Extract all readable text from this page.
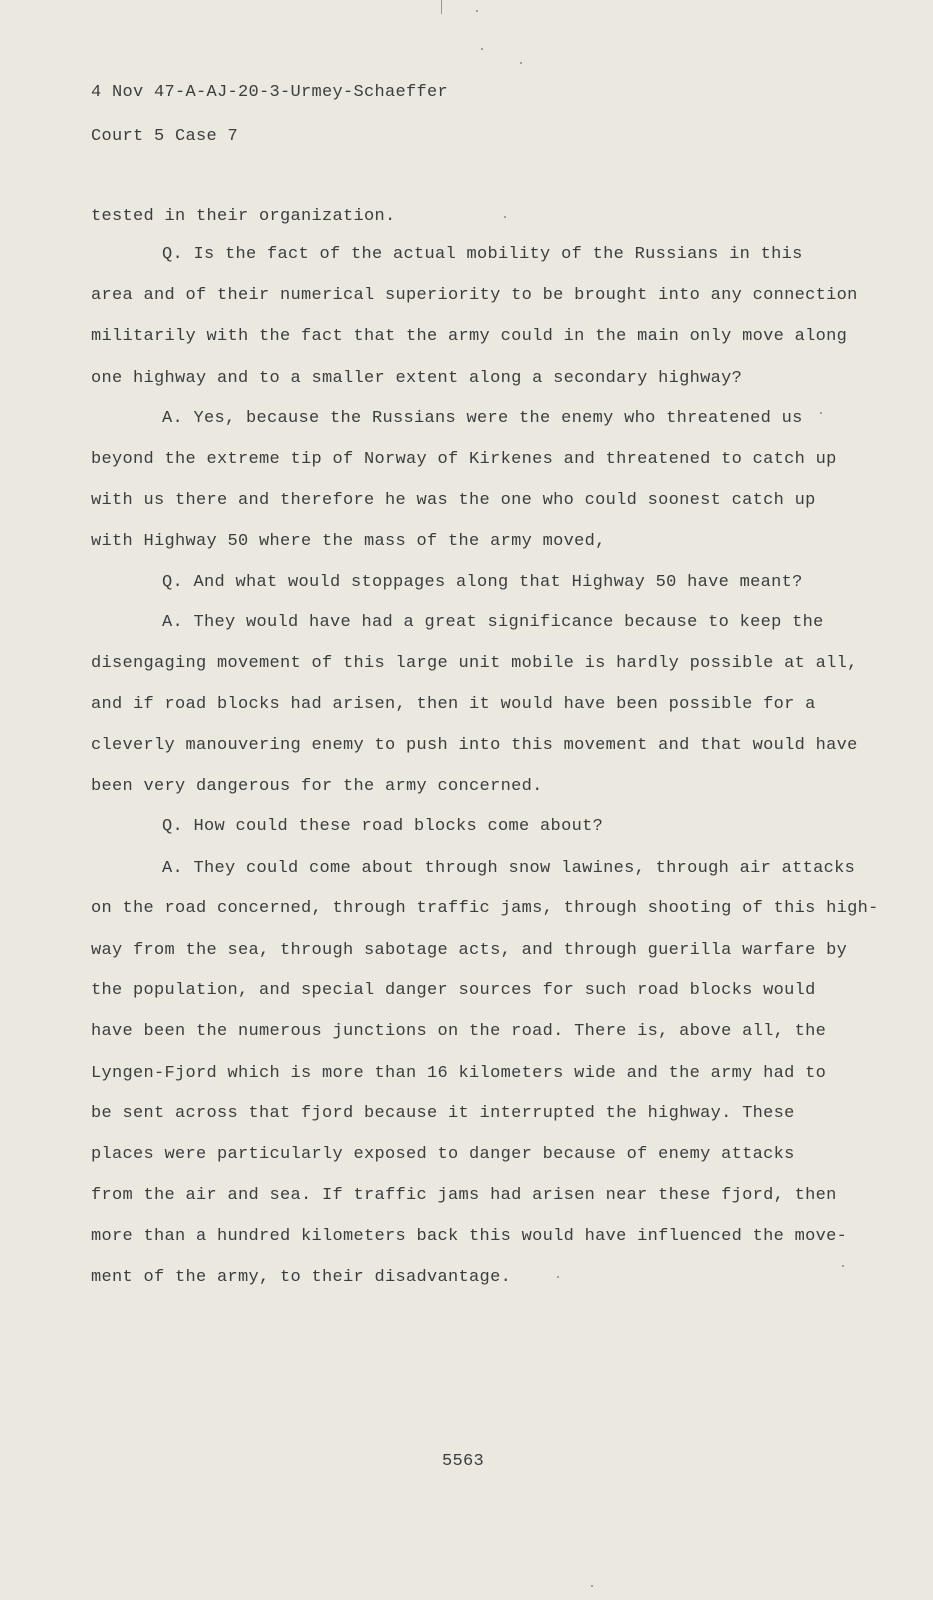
4 Nov 47-A-AJ-20-3-Urmey-Schaeffer
Court 5 Case 7
tested in their organization.
Q. Is the fact of the actual mobility of the Russians in this
area and of their numerical superiority to be brought into any connection
militarily with the fact that the army could in the main only move along
one highway and to a smaller extent along a secondary highway?
A. Yes, because the Russians were the enemy who threatened us
beyond the extreme tip of Norway of Kirkenes and threatened to catch up
with us there and therefore he was the one who could soonest catch up
with Highway 50 where the mass of the army moved,
Q. And what would stoppages along that Highway 50 have meant?
A. They would have had a great significance because to keep the
disengaging movement of this large unit mobile is hardly possible at all,
and if road blocks had arisen, then it would have been possible for a
cleverly manouvering enemy to push into this movement and that would have
been very dangerous for the army concerned.
Q. How could these road blocks come about?
A. They could come about through snow lawines, through air attacks
on the road concerned, through traffic jams, through shooting of this high-
way from the sea, through sabotage acts, and through guerilla warfare by
the population, and special danger sources for such road blocks would
have been the numerous junctions on the road. There is, above all, the
Lyngen-Fjord which is more than 16 kilometers wide and the army had to
be sent across that fjord because it interrupted the highway. These
places were particularly exposed to danger because of enemy attacks
from the air and sea. If traffic jams had arisen near these fjord, then
more than a hundred kilometers back this would have influenced the move-
ment of the army, to their disadvantage.
5563
